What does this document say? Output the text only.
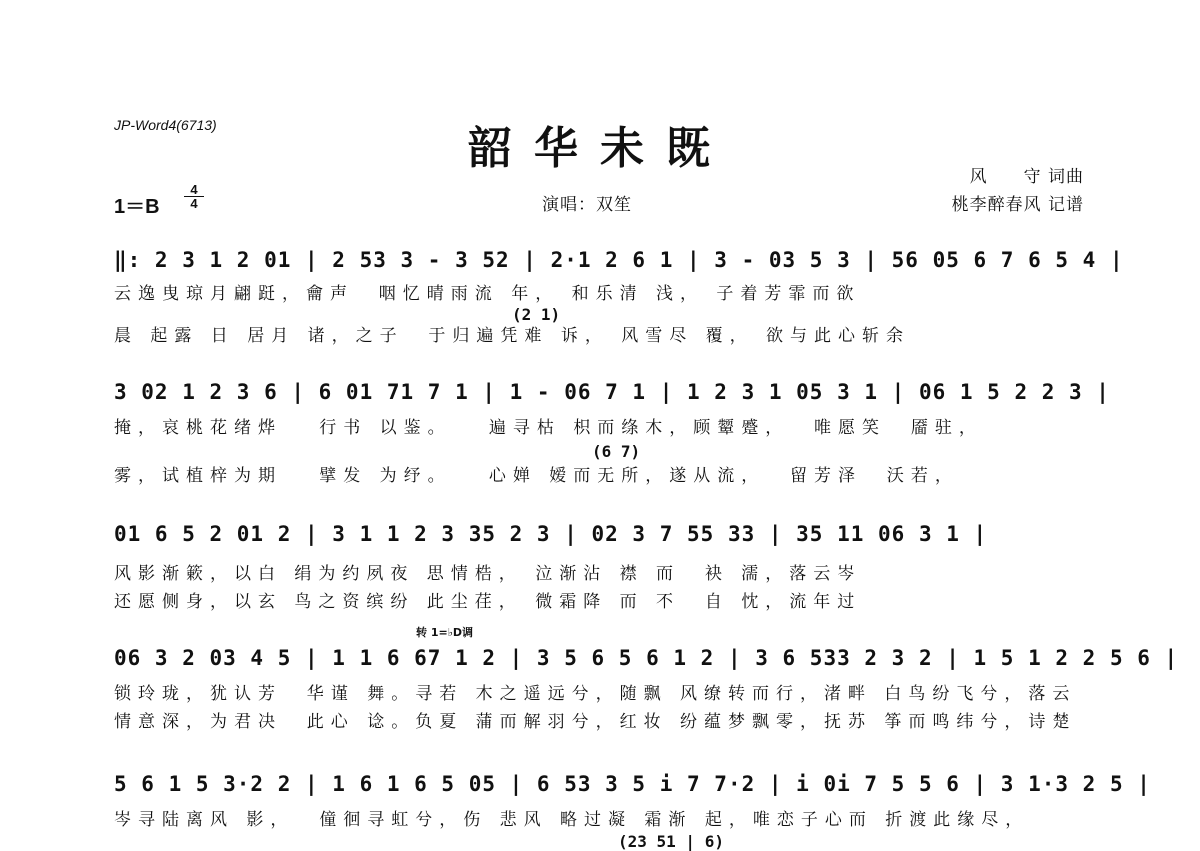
JP-Word4(6713)	韶华未既
风　　守 词曲
桃李醉春风 记谱
1＝B
4
4	演唱：双笙
‖: 2 3 1 2 01 | 2 53 3 - 3 52 | 2·1 2 6 1 | 3 - 03 5 3 | 56 05 6 7 6 5 4 |
云逸曳琼月翩跹，龠声  咽忆晴雨流 年， 和乐清 浅， 子着芳霏而欲
(2 1)
晨 起露 日 居月 诸，之子  于归遍凭难 诉， 风雪尽 覆， 欲与此心斩余
3 02 1 2 3 6 | 6 01 71 7 1 | 1 - 06 7 1 | 1 2 3 1 05 3 1 | 06 1 5 2 2 3 |
掩，哀桃花绪烨   行书 以鉴。   遍寻枯 枳而绦木，顾颦蹙，  唯愿笑  靥驻，
(6 7)
雾，试植梓为期   擘发 为纾。   心婵 嫒而无所，遂从流，  留芳泽  沃若，
01 6 5 2 01 2 | 3 1 1 2 3 35 2 3 | 02 3 7 55 33 | 35 11 06 3 1 |
风影渐簌，以白 绢为约夙夜 思情梏， 泣渐沾 襟 而  袂 濡，落云岑
还愿侧身，以玄 鸟之资缤纷 此尘荏， 微霜降 而 不  自 忱，流年过
转 1=♭D调
06 3 2 03 4 5 | 1 1 6 67 1 2 | 3 5 6 5 6 1 2 | 3 6 533 2 3 2 | 1 5 1 2 2 5 6 |
锁玲珑，犹认芳  华谨 舞。寻若 木之遥远兮，随飘 风缭转而行，渚畔 白鸟纷飞兮，落云
情意深，为君决  此心 谂。负夏 蒲而解羽兮，红妆 纷蕴梦飘零，抚苏 筝而鸣纬兮，诗楚
5 6 1 5 3·2 2 | 1 6 1 6 5 05 | 6 53 3 5 i 7 7·2 | i 0i 7 5 5 6 | 3 1·3 2 5 |
岑寻陆离风 影，  僮徊寻虹兮，伤 悲风 略过凝 霜渐 起，唯恋子心而 折渡此缘尽，
(23 51 | 6)
